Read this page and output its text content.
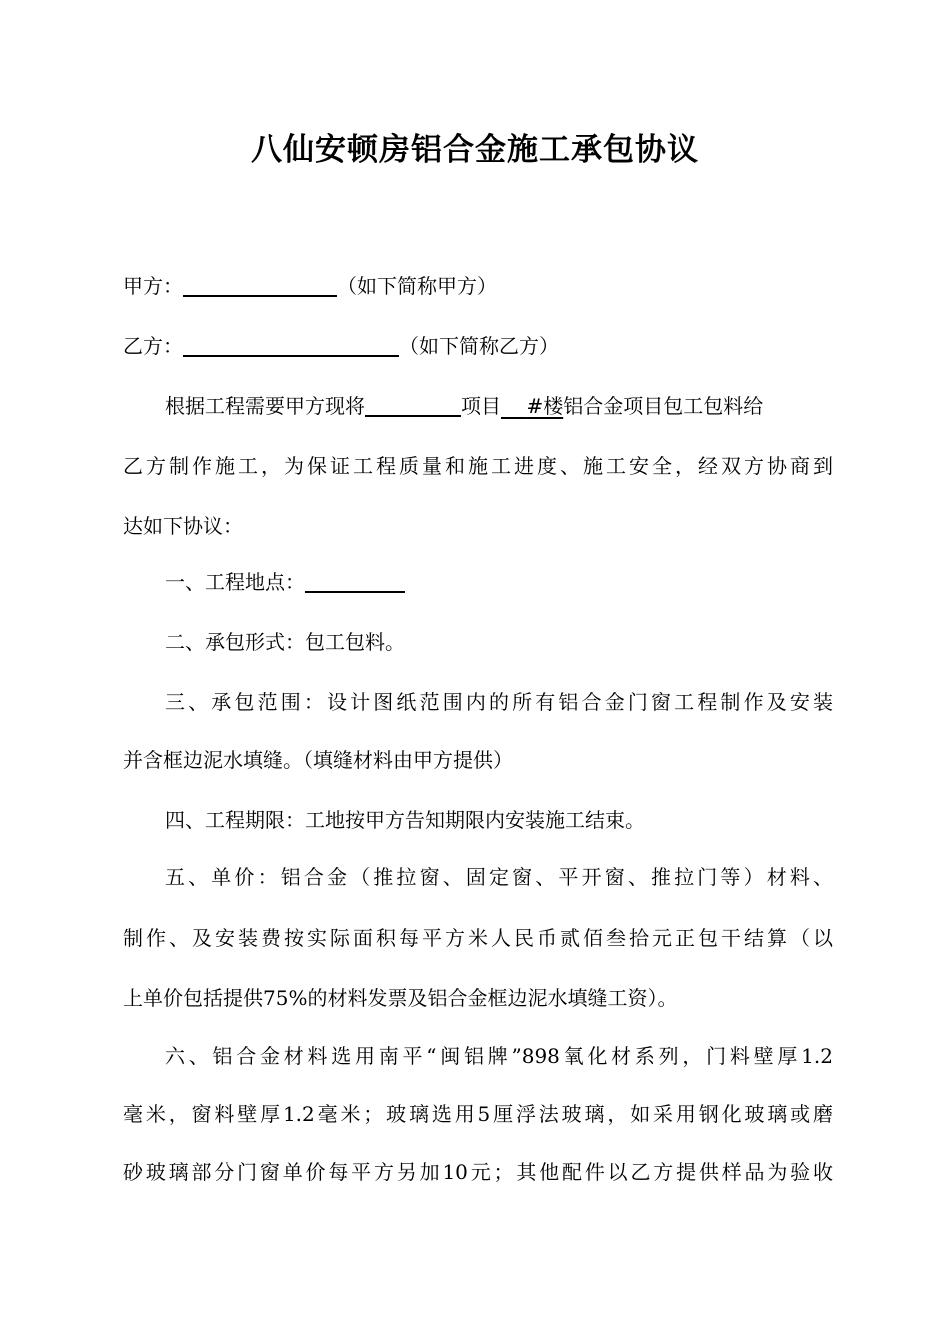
八仙安顿房铝合金施工承包协议
甲方：	（如下简称甲方）
乙方：	（如下简称乙方）
根据工程需要甲方现将	项目 #楼铝合金项目包工包料给
乙方制作施工，为保证工程质量和施工进度、施工安全，经双方协商到
达如下协议：
一、工程地点：
二、承包形式：包工包料。
三、承包范围：设计图纸范围内的所有铝合金门窗工程制作及安装
并含框边泥水填缝。（填缝材料由甲方提供）
四、工程期限：工地按甲方告知期限内安装施工结束。
五、单价：铝合金（推拉窗、固定窗、平开窗、推拉门等）材料、
制作、及安装费按实际面积每平方米人民币贰佰叁拾元正包干结算（以
上单价包括提供75%的材料发票及铝合金框边泥水填缝工资）。
六、铝合金材料选用南平“闽铝牌”898氧化材系列，门料壁厚1.2
毫米，窗料壁厚1.2毫米；玻璃选用5厘浮法玻璃，如采用钢化玻璃或磨
砂玻璃部分门窗单价每平方另加10元；其他配件以乙方提供样品为验收
